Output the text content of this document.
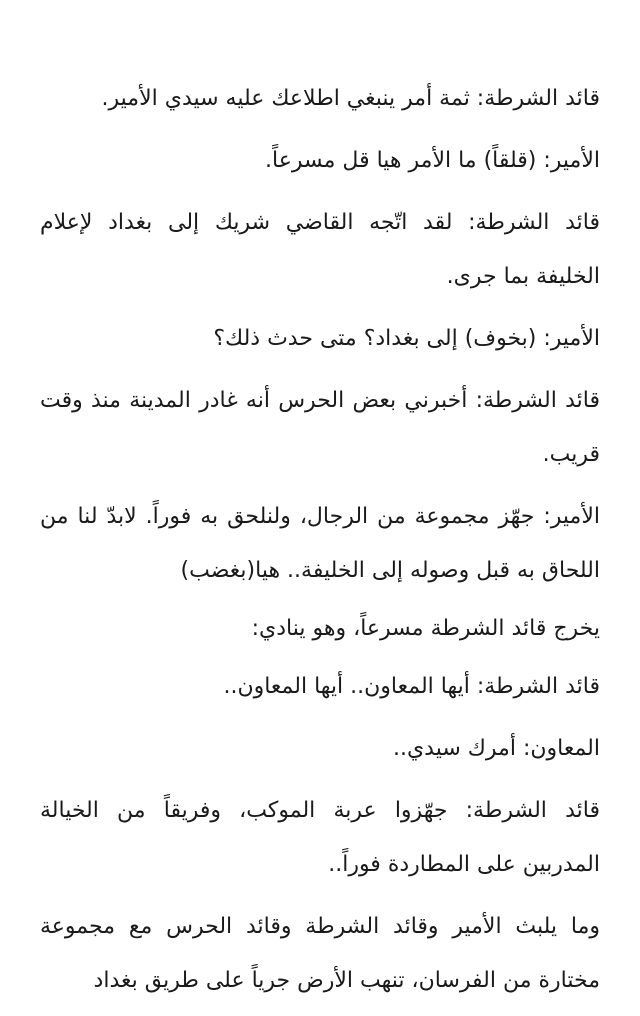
قائد الشرطة: ثمة أمر ينبغي اطلاعك عليه سيدي الأمير.

الأمير: (قلقاً) ما الأمر هيا قل مسرعاً.

قائد الشرطة: لقد اتّجه القاضي شريك إلى بغداد لإعلام الخليفة بما جرى.

الأمير: (بخوف) إلى بغداد؟ متى حدث ذلك؟

قائد الشرطة: أخبرني بعض الحرس أنه غادر المدينة منذ وقت قريب.

الأمير: جهّز مجموعة من الرجال، ولنلحق به فوراً. لابدّ لنا من اللحاق به قبل وصوله إلى الخليفة.. هيا(بغضب)

يخرج قائد الشرطة مسرعاً، وهو ينادي:

قائد الشرطة: أيها المعاون.. أيها المعاون..

المعاون: أمرك سيدي..

قائد الشرطة: جهّزوا عربة الموكب، وفريقاً من الخيالة المدربين على المطاردة فوراً..

وما يلبث الأمير وقائد الشرطة وقائد الحرس مع مجموعة مختارة من الفرسان، تنهب الأرض جرياً على طريق بغداد
